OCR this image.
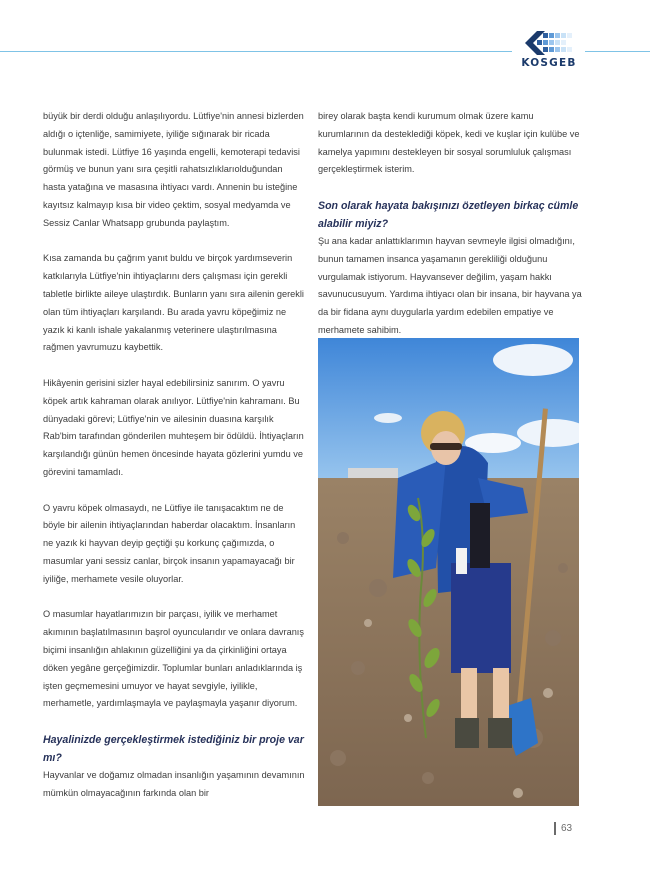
KOSGEB

büyük bir derdi olduğu anlaşılıyordu. Lütfiye'nin annesi bizlerden aldığı o içtenliğe, samimiyete, iyiliğe sığınarak bir ricada bulunmak istedi. Lütfiye 16 yaşında engelli, kemoterapi tedavisi görmüş ve bunun yanı sıra çeşitli rahatsızlıklarıolduğundan hasta yatağına ve masasına ihtiyacı vardı. Annenin bu isteğine kayıtsız kalmayıp kısa bir video çektim, sosyal medyamda ve Sessiz Canlar Whatsapp grubunda paylaştım.

Kısa zamanda bu çağrım yanıt buldu ve birçok yardımseverin katkılarıyla Lütfiye'nin ihtiyaçlarını ders çalışması için gerekli tabletle birlikte aileye ulaştırdık. Bunların yanı sıra ailenin gerekli olan tüm ihtiyaçları karşılandı. Bu arada yavru köpeğimiz ne yazık ki kanlı ishale yakalanmış veterinere ulaştırılmasına rağmen yavrumuzu kaybettik.

Hikâyenin gerisini sizler hayal edebilirsiniz sanırım. O yavru köpek artık kahraman olarak anılıyor. Lütfiye'nin kahramanı. Bu dünyadaki görevi; Lütfiye'nin ve ailesinin duasına karşılık Rab'bim tarafından gönderilen muhteşem bir ödüldü. İhtiyaçların karşılandığı günün hemen öncesinde hayata gözlerini yumdu ve görevini tamamladı.

O yavru köpek olmasaydı, ne Lütfiye ile tanışacaktım ne de böyle bir ailenin ihtiyaçlarından haberdar olacaktım. İnsanların ne yazık ki hayvan deyip geçtiği şu korkunç çağımızda, o masumlar yani sessiz canlar, birçok insanın yapamayacağı bir iyiliğe, merhamete vesile oluyorlar.

O masumlar hayatlarımızın bir parçası, iyilik ve merhamet akımının başlatılmasının başrol oyuncularıdır ve onlara davranış biçimi insanlığın ahlakının güzelliğini ya da çirkinliğini ortaya döken yegâne gerçeğimizdir. Toplumlar bunları anladıklarında iş işten geçmemesini umuyor ve hayat sevgiyle, iyilikle, merhametle, yardımlaşmayla ve paylaşmayla yaşanır diyorum.

Hayalinizde gerçekleştirmek istediğiniz bir proje var mı?

Hayvanlar ve doğamız olmadan insanlığın yaşamının devamının mümkün olmayacağının farkında olan bir

birey olarak başta kendi kurumum olmak üzere kamu kurumlarının da desteklediği köpek, kedi ve kuşlar için kulübe ve kamelya yapımını destekleyen bir sosyal sorumluluk çalışması gerçekleştirmek isterim.

Son olarak hayata bakışınızı özetleyen birkaç cümle alabilir miyiz?

Şu ana kadar anlattıklarımın hayvan sevmeyle ilgisi olmadığını, bunun tamamen insanca yaşamanın gerekliliği olduğunu vurgulamak istiyorum. Hayvansever değilim, yaşam hakkı savunucusuyum. Yardıma ihtiyacı olan bir insana, bir hayvana ya da bir fidana aynı duygularla yardım edebilen empatiye ve merhamete sahibim.

63
